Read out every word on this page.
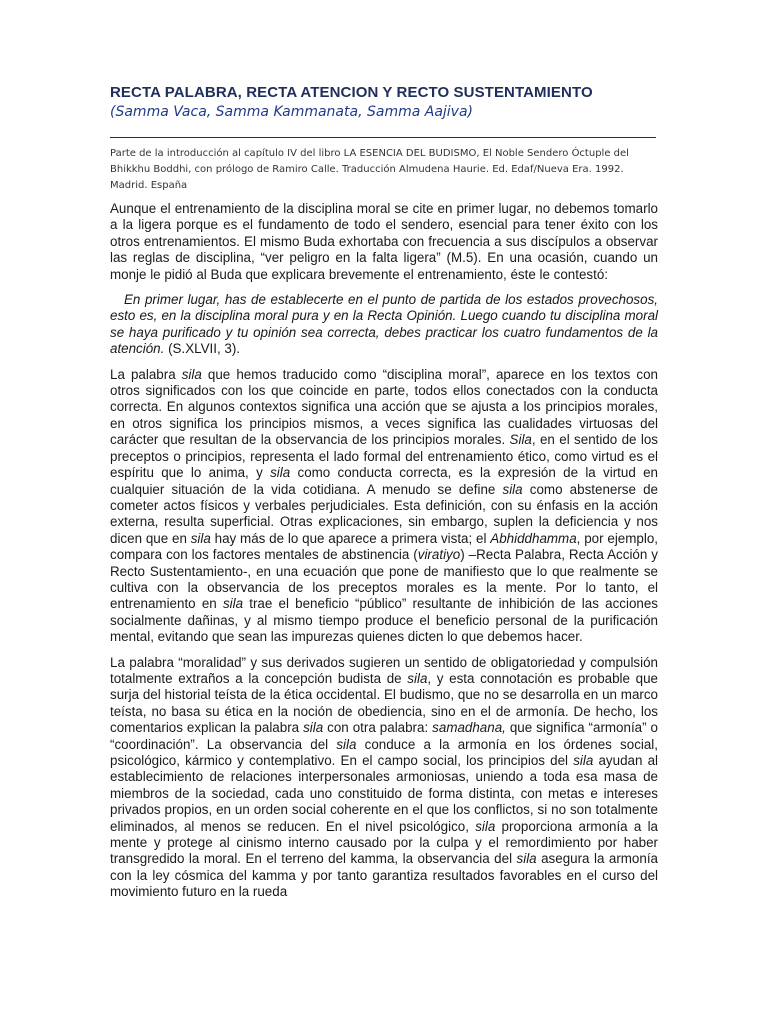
RECTA PALABRA, RECTA ATENCION Y RECTO SUSTENTAMIENTO
(Samma Vaca, Samma Kammanata, Samma Aajiva)
Parte de la introducción al capítulo IV del libro LA ESENCIA DEL BUDISMO, El Noble Sendero Óctuple del Bhikkhu Boddhi, con prólogo de Ramiro Calle. Traducción Almudena Haurie. Ed. Edaf/Nueva Era. 1992. Madrid. España

Aunque el entrenamiento de la disciplina moral se cite en primer lugar, no debemos tomarlo a la ligera porque es el fundamento de todo el sendero, esencial para tener éxito con los otros entrenamientos. El mismo Buda exhortaba con frecuencia a sus discípulos a observar las reglas de disciplina, “ver peligro en la falta ligera” (M.5). En una ocasión, cuando un monje le pidió al Buda que explicara brevemente el entrenamiento, éste le contestó:

En primer lugar, has de establecerte en el punto de partida de los estados provechosos, esto es, en la disciplina moral pura y en la Recta Opinión. Luego cuando tu disciplina moral se haya purificado y tu opinión sea correcta, debes practicar los cuatro fundamentos de la atención. (S.XLVII, 3).

La palabra sila que hemos traducido como “disciplina moral”, aparece en los textos con otros significados con los que coincide en parte, todos ellos conectados con la conducta correcta. En algunos contextos significa una acción que se ajusta a los principios morales, en otros significa los principios mismos, a veces significa las cualidades virtuosas del carácter que resultan de la observancia de los principios morales. Sila, en el sentido de los preceptos o principios, representa el lado formal del entrenamiento ético, como virtud es el espíritu que lo anima, y sila como conducta correcta, es la expresión de la virtud en cualquier situación de la vida cotidiana. A menudo se define sila como abstenerse de cometer actos físicos y verbales perjudiciales. Esta definición, con su énfasis en la acción externa, resulta superficial. Otras explicaciones, sin embargo, suplen la deficiencia y nos dicen que en sila hay más de lo que aparece a primera vista; el Abhiddhamma, por ejemplo, compara con los factores mentales de abstinencia (viratiyo) –Recta Palabra, Recta Acción y Recto Sustentamiento-, en una ecuación que pone de manifiesto que lo que realmente se cultiva con la observancia de los preceptos morales es la mente. Por lo tanto, el entrenamiento en sila trae el beneficio “público” resultante de inhibición de las acciones socialmente dañinas, y al mismo tiempo produce el beneficio personal de la purificación mental, evitando que sean las impurezas quienes dicten lo que debemos hacer.

La palabra “moralidad” y sus derivados sugieren un sentido de obligatoriedad y compulsión totalmente extraños a la concepción budista de sila, y esta connotación es probable que surja del historial teísta de la ética occidental. El budismo, que no se desarrolla en un marco teísta, no basa su ética en la noción de obediencia, sino en el de armonía. De hecho, los comentarios explican la palabra sila con otra palabra: samadhana, que significa “armonía” o “coordinación”. La observancia del sila conduce a la armonía en los órdenes social, psicológico, kármico y contemplativo. En el campo social, los principios del sila ayudan al establecimiento de relaciones interpersonales armoniosas, uniendo a toda esa masa de miembros de la sociedad, cada uno constituido de forma distinta, con metas e intereses privados propios, en un orden social coherente en el que los conflictos, si no son totalmente eliminados, al menos se reducen. En el nivel psicológico, sila proporciona armonía a la mente y protege al cinismo interno causado por la culpa y el remordimiento por haber transgredido la moral. En el terreno del kamma, la observancia del sila asegura la armonía con la ley cósmica del kamma y por tanto garantiza resultados favorables en el curso del movimiento futuro en la rueda
